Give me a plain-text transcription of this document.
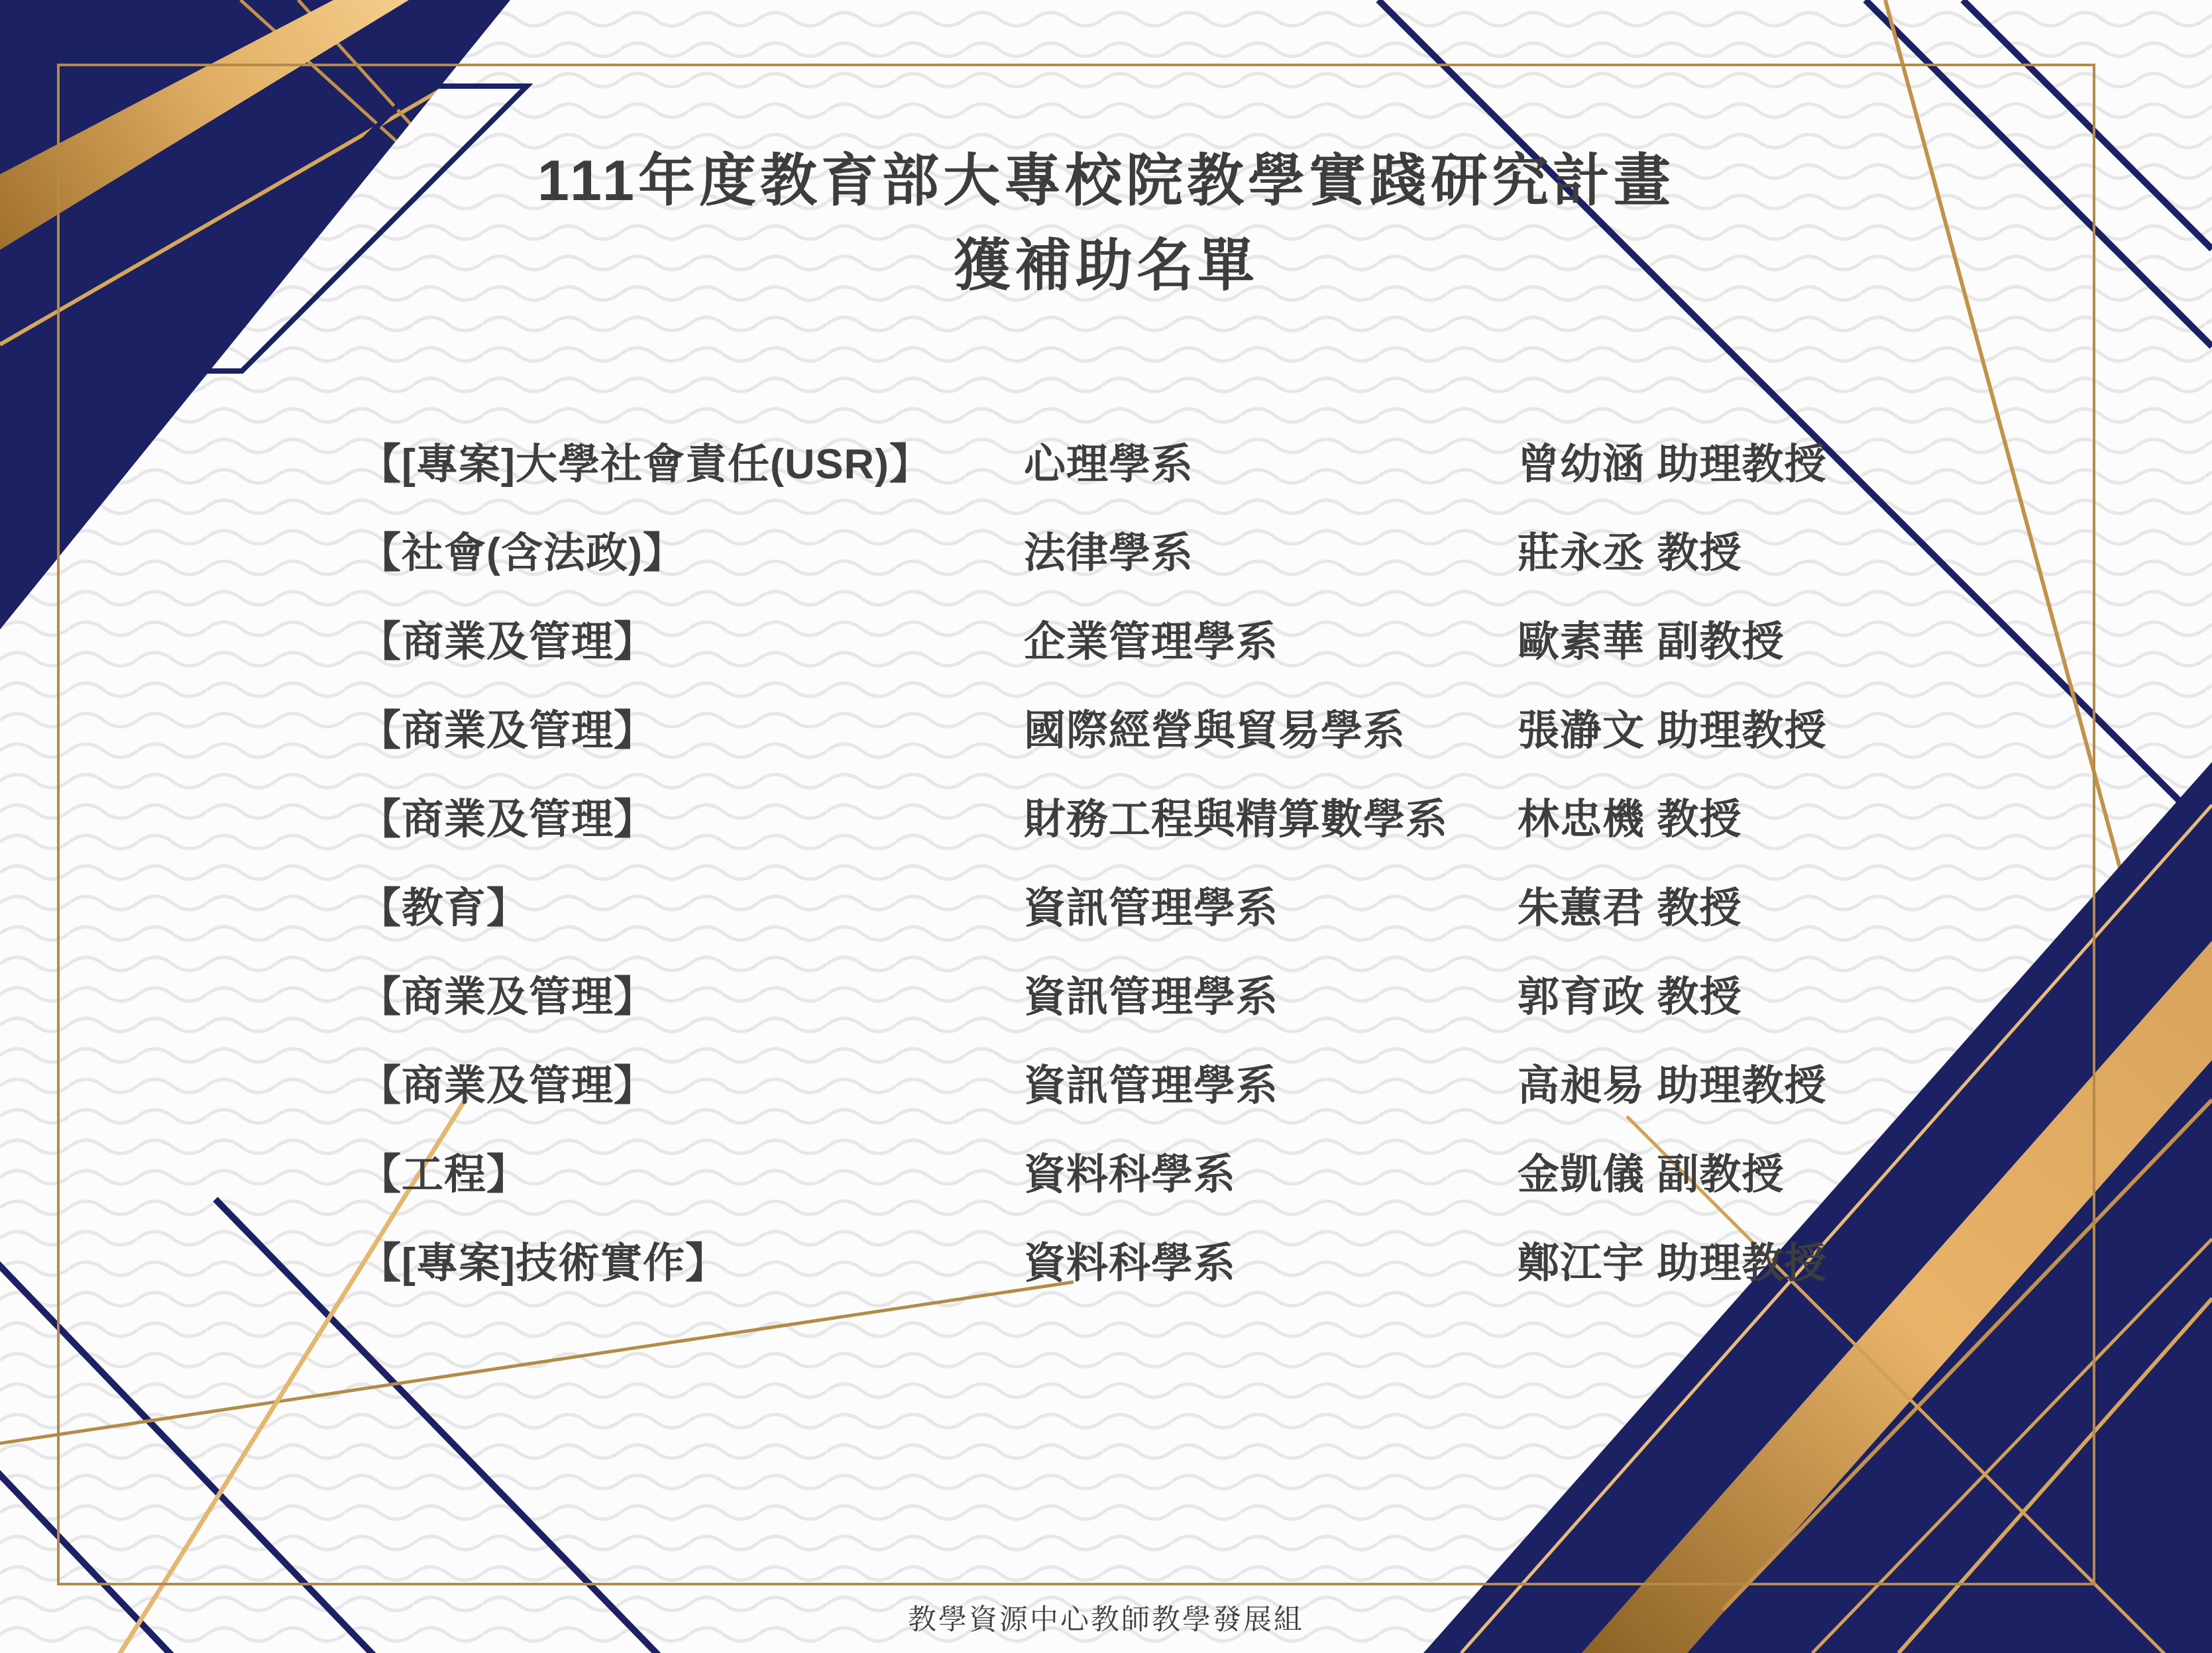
111年度教育部大專校院教學實踐研究計畫
獲補助名單
【[專案]大學社會責任(USR)】 心理學系	曾幼涵 助理教授
【社會(含法政)】	法律學系	莊永丞 教授
【商業及管理】	企業管理學系	歐素華 副教授
【商業及管理】	國際經營與貿易學系	張瀞文 助理教授
【商業及管理】	財務工程與精算數學系 林忠機 教授
【教育】	資訊管理學系	朱蕙君 教授
【商業及管理】	資訊管理學系	郭育政 教授
【商業及管理】	資訊管理學系	高昶易 助理教授
【工程】	資料科學系	金凱儀 副教授
【[專案]技術實作】	資料科學系	鄭江宇 助理教授
教學資源中心教師教學發展組
